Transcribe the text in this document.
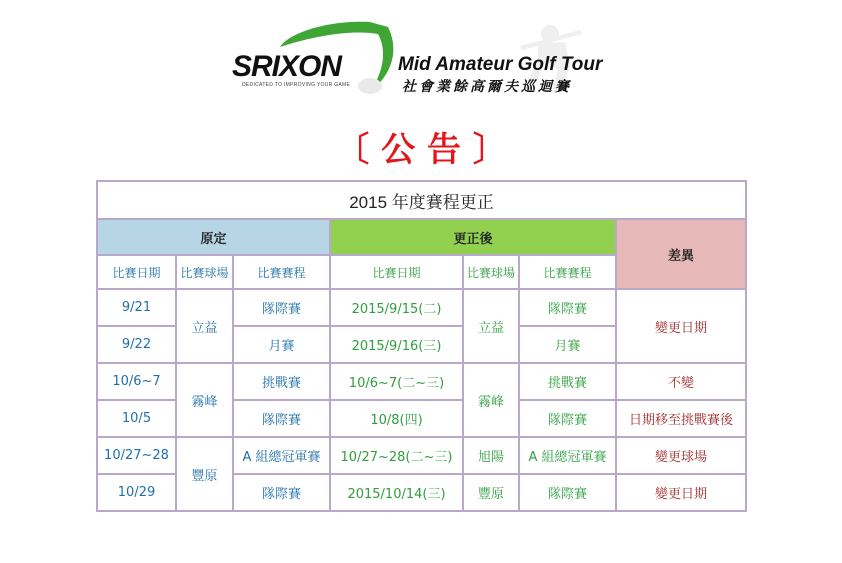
SRIXON
DEDICATED TO IMPROVING YOUR GAME
Mid Amateur Golf Tour
社會業餘高爾夫巡迴賽
〔 公 告 〕
2015 年度賽程更正						
原定			更正後			差異
比賽日期	比賽球場	比賽賽程	比賽日期	比賽球場	比賽賽程	
9/21	立益	隊際賽	2015/9/15(二)	立益	隊際賽	變更日期
9/22		月賽	2015/9/16(三)		月賽	
10/6~7	霧峰	挑戰賽	10/6~7(二~三)	霧峰	挑戰賽	不變
10/5		隊際賽	10/8(四)		隊際賽	日期移至挑戰賽後
10/27~28	豐原	A 組總冠軍賽	10/27~28(二~三)	旭陽	A 組總冠軍賽	變更球場
10/29		隊際賽	2015/10/14(三)	豐原	隊際賽	變更日期
